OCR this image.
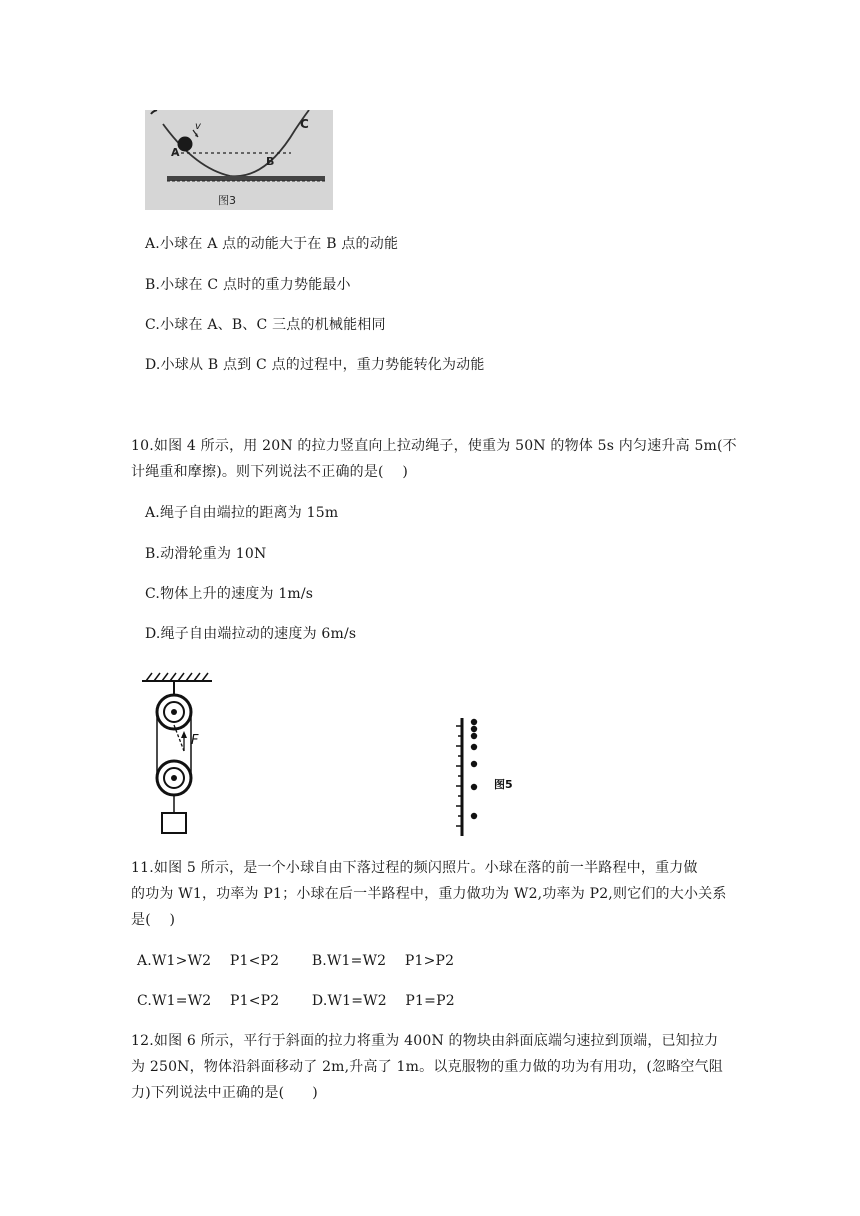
v
A
B
C
图3
A.小球在 A 点的动能大于在 B 点的动能
B.小球在 C 点时的重力势能最小
C.小球在 A、B、C 三点的机械能相同
D.小球从 B 点到 C 点的过程中，重力势能转化为动能
10.如图 4 所示，用 20N 的拉力竖直向上拉动绳子，使重为 50N 的物体 5s 内匀速升高 5m(不
计绳重和摩擦)。则下列说法不正确的是(    )
A.绳子自由端拉的距离为 15m
B.动滑轮重为 10N
C.物体上升的速度为 1m/s
D.绳子自由端拉动的速度为 6m/s
F
图5
11.如图 5 所示，是一个小球自由下落过程的频闪照片。小球在落的前一半路程中，重力做
的功为 W1，功率为 P1；小球在后一半路程中，重力做功为 W2,功率为 P2,则它们的大小关系
是(    )
A.W1>W2    P1<P2       B.W1=W2    P1>P2
C.W1=W2    P1<P2       D.W1=W2    P1=P2
12.如图 6 所示，平行于斜面的拉力将重为 400N 的物块由斜面底端匀速拉到顶端，已知拉力
为 250N，物体沿斜面移动了 2m,升高了 1m。以克服物的重力做的功为有用功，(忽略空气阻
力)下列说法中正确的是(      )
